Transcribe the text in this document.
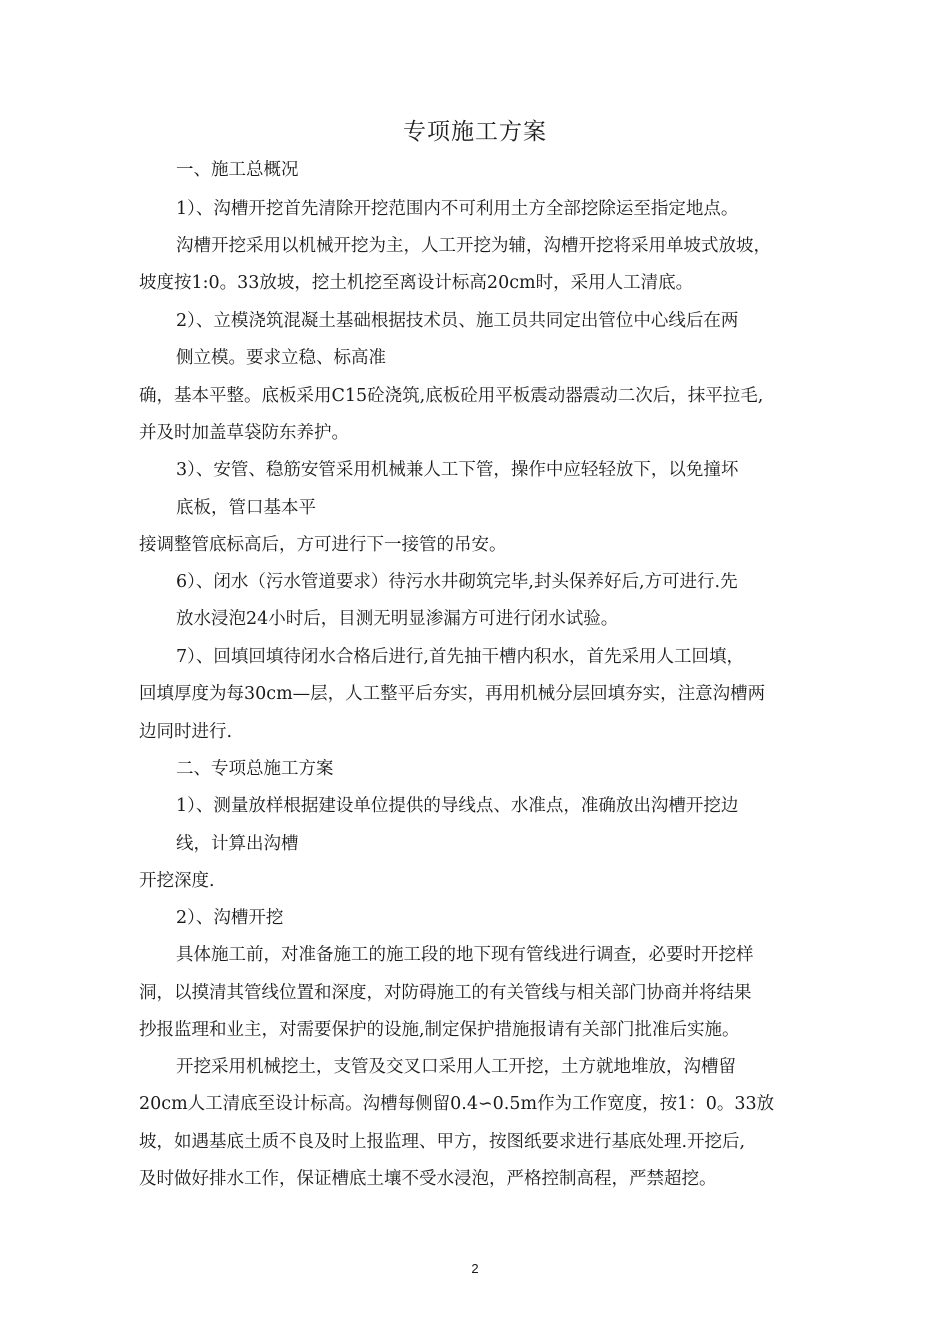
专项施工方案
一、施工总概况
1）、沟槽开挖首先清除开挖范围内不可利用土方全部挖除运至指定地点。
沟槽开挖采用以机械开挖为主，人工开挖为辅，沟槽开挖将采用单坡式放坡，
坡度按1:0。33放坡，挖土机挖至离设计标高20cm时，采用人工清底。
2）、立模浇筑混凝土基础根据技术员、施工员共同定出管位中心线后在两
侧立模。要求立稳、标高准
确，基本平整。底板采用C15砼浇筑,底板砼用平板震动器震动二次后，抹平拉毛,
并及时加盖草袋防东养护。
3）、安管、稳筋安管采用机械兼人工下管，操作中应轻轻放下，以免撞坏
底板，管口基本平
接调整管底标高后，方可进行下一接管的吊安。
6）、闭水（污水管道要求）待污水井砌筑完毕,封头保养好后,方可进行.先
放水浸泡24小时后，目测无明显渗漏方可进行闭水试验。
7）、回填回填待闭水合格后进行,首先抽干槽内积水，首先采用人工回填，
回填厚度为每30cm—层，人工整平后夯实，再用机械分层回填夯实，注意沟槽两
边同时进行.
二、专项总施工方案
1）、测量放样根据建设单位提供的导线点、水准点，准确放出沟槽开挖边
线，计算出沟槽
开挖深度.
2）、沟槽开挖
具体施工前，对准备施工的施工段的地下现有管线进行调查，必要时开挖样
洞，以摸清其管线位置和深度，对防碍施工的有关管线与相关部门协商并将结果
抄报监理和业主，对需要保护的设施,制定保护措施报请有关部门批准后实施。
开挖采用机械挖土，支管及交叉口采用人工开挖，土方就地堆放，沟槽留
20cm人工清底至设计标高。沟槽每侧留0.4∽0.5m作为工作宽度，按1：0。33放
坡，如遇基底土质不良及时上报监理、甲方，按图纸要求进行基底处理.开挖后,
及时做好排水工作，保证槽底土壤不受水浸泡，严格控制高程，严禁超挖。
2
